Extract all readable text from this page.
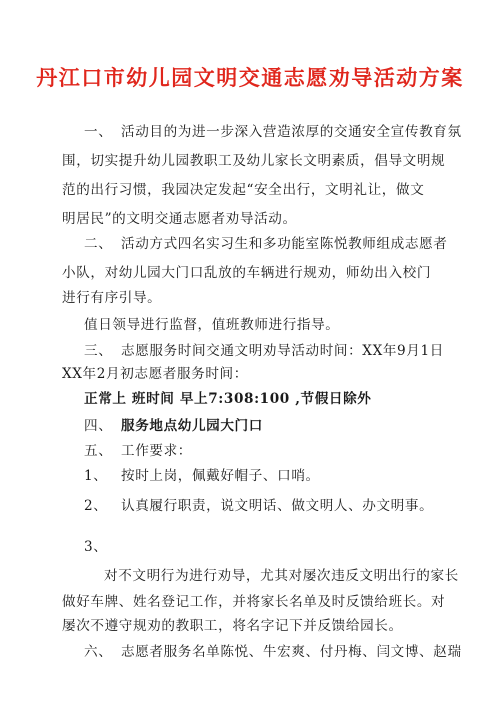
丹江口市幼儿园文明交通志愿劝导活动方案
一、 活动目的为进一步深入营造浓厚的交通安全宣传教育氛
围，切实提升幼儿园教职工及幼儿家长文明素质，倡导文明规
范的出行习惯，我园决定发起“安全出行，文明礼让，做文
明居民”的文明交通志愿者劝导活动。
二、 活动方式四名实习生和多功能室陈悦教师组成志愿者
小队，对幼儿园大门口乱放的车辆进行规劝，师幼出入校门
进行有序引导。
值日领导进行监督，值班教师进行指导。
三、 志愿服务时间交通文明劝导活动时间：XX年9月1日
XX年2月初志愿者服务时间：
正常上 班时间 早上7:308:100 ,节假日除外
四、 服务地点幼儿园大门口
五、 工作要求：
1、 按时上岗，佩戴好帽子、口哨。
2、 认真履行职责，说文明话、做文明人、办文明事。
3、
对不文明行为进行劝导，尤其对屡次违反文明出行的家长
做好车牌、姓名登记工作，并将家长名单及时反馈给班长。对
屡次不遵守规劝的教职工，将名字记下并反馈给园长。
六、 志愿者服务名单陈悦、牛宏爽、付丹梅、闫文博、赵瑞
